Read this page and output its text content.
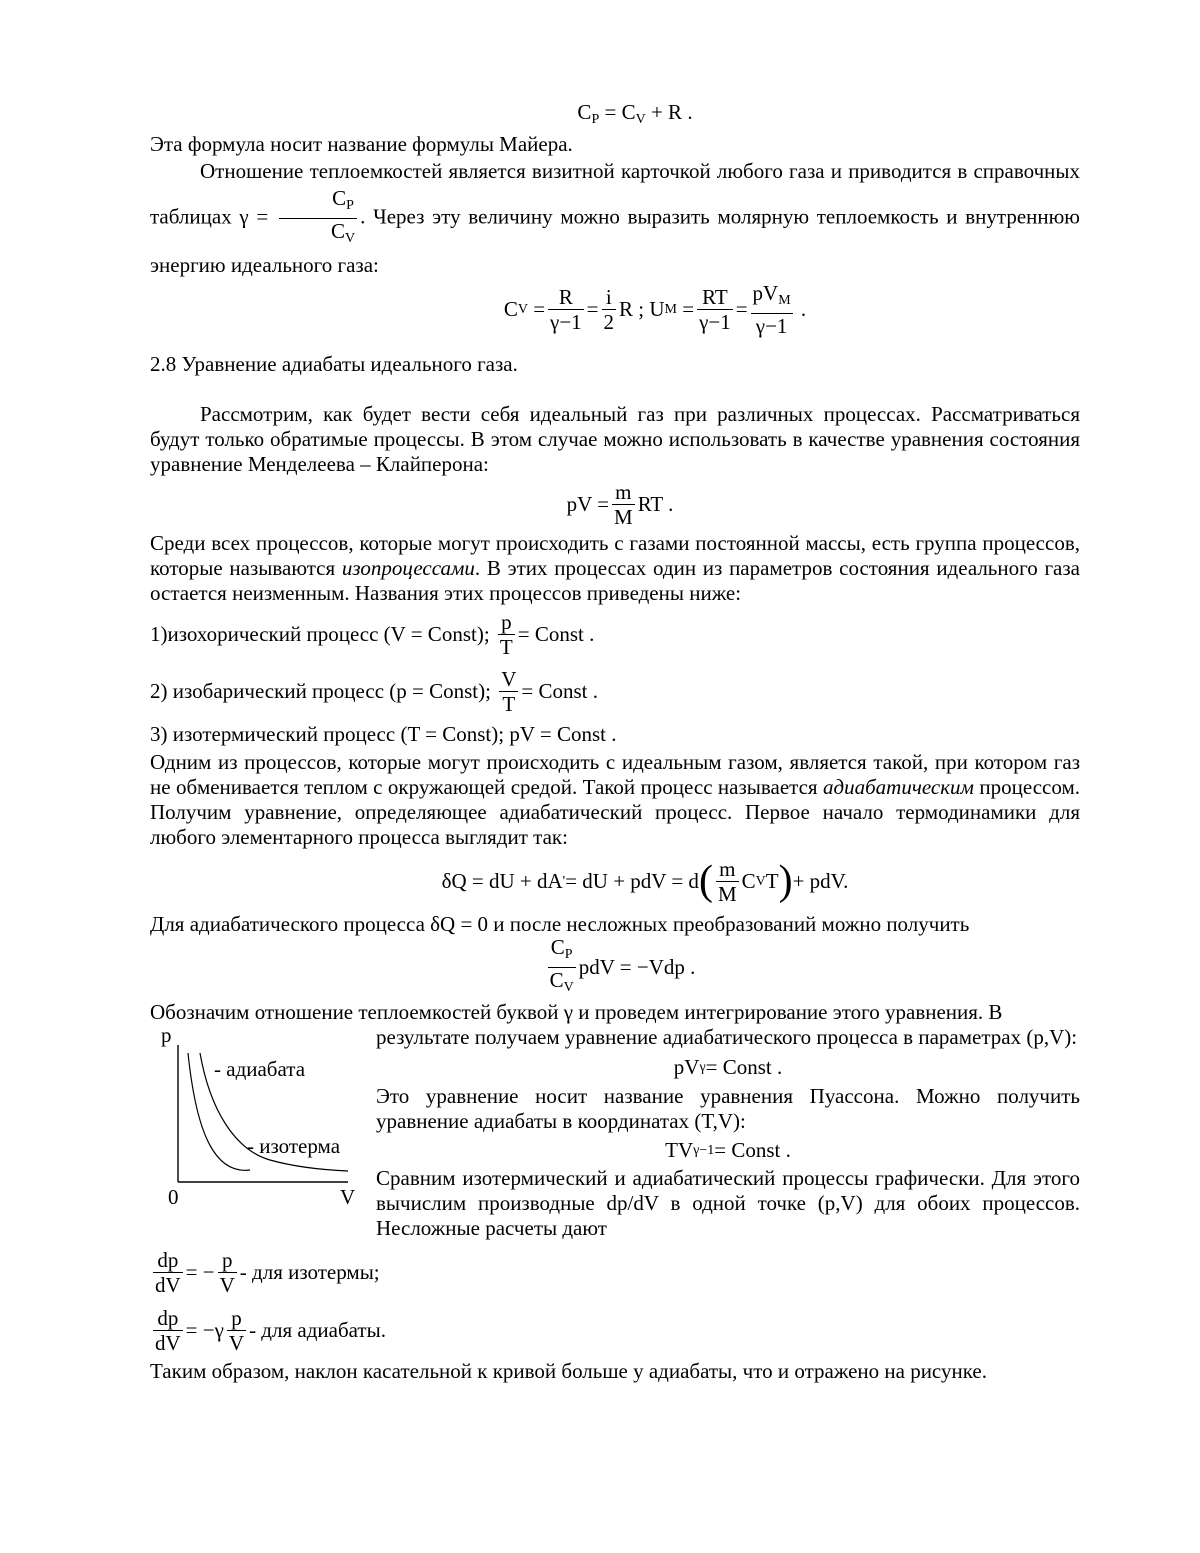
$C_P = C_V + R$ .

Эта формула носит название формулы Майера.

Отношение теплоемкостей является визитной карточкой любого газа и приводится в справочных таблицах $\gamma = \frac{C_P}{C_V}$ . Через эту величину можно выразить молярную теплоемкость и внутреннюю энергию идеального газа:

C $V = \frac{R}{\gamma-1} = \frac{i}{2}$ R ;
U $M = \frac{RT}{\gamma-1} = \frac{pV_M}{\gamma-1}$ .

2.8 Уравнение адиабаты идеального газа.

Рассмотрим, как будет вести себя идеальный газ при различных процессах. Рассматриваться будут только обратимые процессы. В этом случае можно использовать в качестве уравнения состояния уравнение Менделеева – Клайперона:

pV = $\frac{m}{M}$ RT .

Среди всех процессов, которые могут происходить с газами постоянной массы, есть группа процессов, которые называются изопроцессами. В этих процессах один из параметров состояния идеального газа остается неизменным. Названия этих процессов приведены ниже:

1)изохорический процесс (V = Const);
$\frac{p}{T}$ = Const .
2) изобарический процесс (p = Const);
$\frac{V}{T}$ = Const .

3) изотермический процесс (T = Const); pV = Const .

Одним из процессов, которые могут происходить с идеальным газом, является такой, при котором газ не обменивается теплом с окружающей средой. Такой процесс называется адиабатическим процессом. Получим уравнение, определяющее адиабатический процесс. Первое начало термодинамики для любого элементарного процесса выглядит так:

δQ = dU + dA ' = dU + pdV = d ( $\frac{m}{M}$ C V T ) + pdV.

Для адиабатического процесса δQ = 0 и после несложных преобразований можно получить

$\frac{C_P}{C_V}$ pdV = −Vdp .

Обозначим отношение теплоемкостей буквой γ и проведем интегрирование этого уравнения. В

p
- адиабата
- изотерма
0	V

результате получаем уравнение адиабатического процесса в параметрах (p,V):

pV γ = Const .

Это уравнение носит название уравнения Пуассона. Можно получить уравнение адиабаты в координатах (T,V):

TV γ−1 = Const .

Сравним изотермический и адиабатический процессы графически. Для этого вычислим производные dp/dV в одной точке (p,V) для обоих процессов. Несложные расчеты дают

$\frac{dp}{dV}$ = − $\frac{p}{V}$ - для изотермы;
$\frac{dp}{dV} = -\gamma \frac{p}{V}$ - для адиабаты.

Таким образом, наклон касательной к кривой больше у адиабаты, что и отражено на рисунке.
